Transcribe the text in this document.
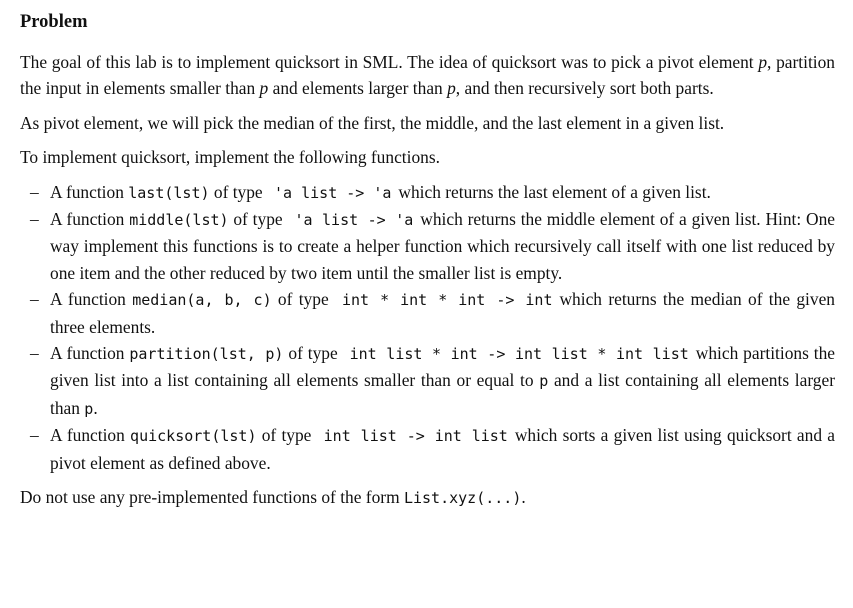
Problem

The goal of this lab is to implement quicksort in SML. The idea of quicksort was to pick a pivot element p, partition the input in elements smaller than p and elements larger than p, and then recursively sort both parts.

As pivot element, we will pick the median of the first, the middle, and the last element in a given list.

To implement quicksort, implement the following functions.

– A function last(lst) of type 'a list -> 'a which returns the last element of a given list.
– A function middle(lst) of type 'a list -> 'a which returns the middle element of a given list. Hint: One way implement this functions is to create a helper function which recursively call itself with one list reduced by one item and the other reduced by two item until the smaller list is empty.
– A function median(a, b, c) of type int * int * int -> int which returns the median of the given three elements.
– A function partition(lst, p) of type int list * int -> int list * int list which partitions the given list into a list containing all elements smaller than or equal to p and a list containing all elements larger than p.
– A function quicksort(lst) of type int list -> int list which sorts a given list using quicksort and a pivot element as defined above.

Do not use any pre-implemented functions of the form List.xyz(...).
